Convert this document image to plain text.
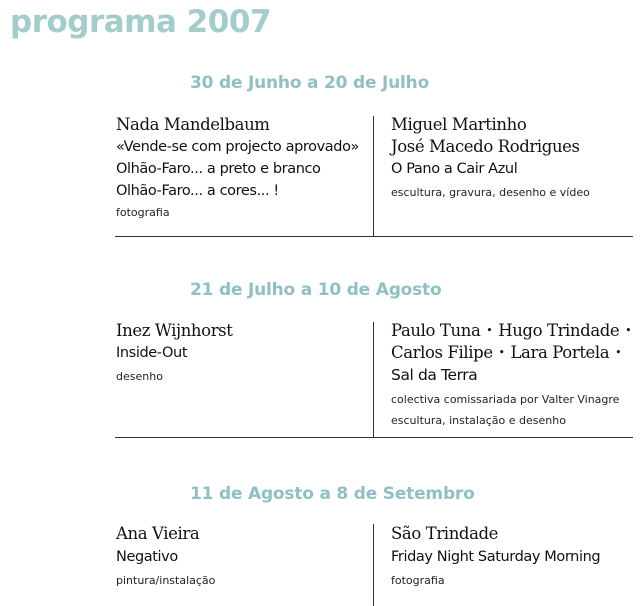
programa 2007
30 de Junho a 20 de Julho
Nada Mandelbaum
«Vende-se com projecto aprovado»
Olhão-Faro... a preto e branco
Olhão-Faro... a cores... !
fotografia
Miguel Martinho
José Macedo Rodrigues
O Pano a Cair Azul
escultura, gravura, desenho e vídeo
21 de Julho a 10 de Agosto
Inez Wijnhorst
Inside-Out
desenho
Paulo Tuna • Hugo Trindade •
Carlos Filipe • Lara Portela •
Sal da Terra
colectiva comissariada por Valter Vinagre
escultura, instalação e desenho
11 de Agosto a 8 de Setembro
Ana Vieira
Negativo
pintura/instalação
São Trindade
Friday Night Saturday Morning
fotografia
